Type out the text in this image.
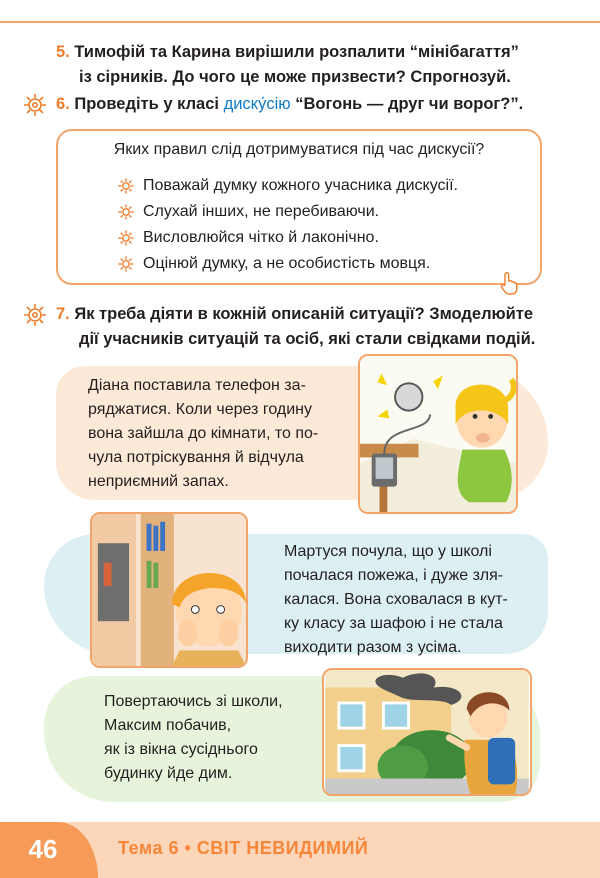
5. Тимофій та Карина вирішили розпалити “мінібагаття”
із сірників. До чого це може призвести? Спрогнозуй.
6. Проведіть у класі диску́сію “Вогонь — друг чи ворог?”.
Яких правил слід дотримуватися під час дискусії?
Поважай думку кожного учасника дискусії.
Слухай інших, не перебиваючи.
Висловлюйся чітко й лаконічно.
Оцінюй думку, а не особистість мовця.
7. Як треба діяти в кожній описаній ситуації? Змоделюйте
дії учасників ситуацій та осіб, які стали свідками подій.
Діана поставила телефон за-
ряджатися. Коли через годину
вона зайшла до кімнати, то по-
чула потріскування й відчула
неприємний запах.
Мартуся почула, що у школі
почалася пожежа, і дуже зля-
калася. Вона сховалася в кут-
ку класу за шафою і не стала
виходити разом з усіма.
Повертаючись зі школи,
Максим побачив,
як із вікна сусіднього
будинку йде дим.
46	Тема 6 • СВІТ НЕВИДИМИЙ
